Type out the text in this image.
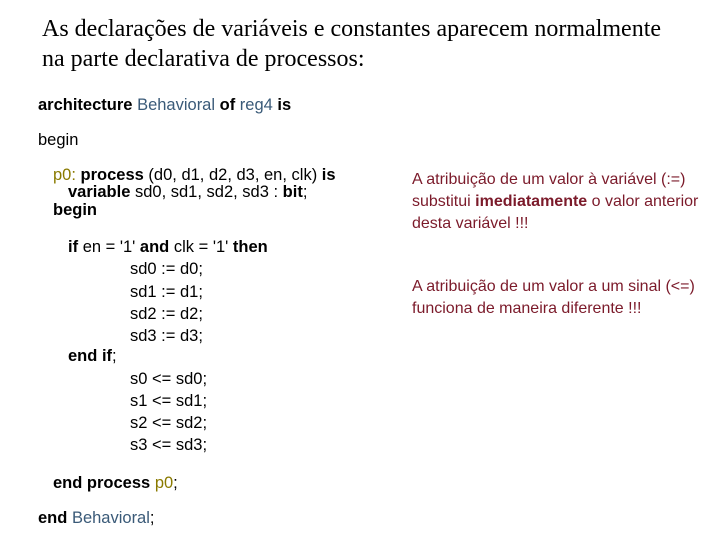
As declarações de variáveis e constantes aparecem normalmente
na parte declarativa de processos:
architecture Behavioral of reg4 is
begin
p0: process (d0, d1, d2, d3, en, clk) is
variable sd0, sd1, sd2, sd3 : bit;
begin
if en = '1' and clk = '1' then
sd0 := d0;
sd1 := d1;
sd2 := d2;
sd3 := d3;
end if;
s0 <= sd0;
s1 <= sd1;
s2 <= sd2;
s3 <= sd3;
end process p0;
end Behavioral;
A atribuição de um valor à variável (:=) substitui imediatamente o valor anterior desta variável !!!
A atribuição de um valor a um sinal (<=) funciona de maneira diferente !!!
